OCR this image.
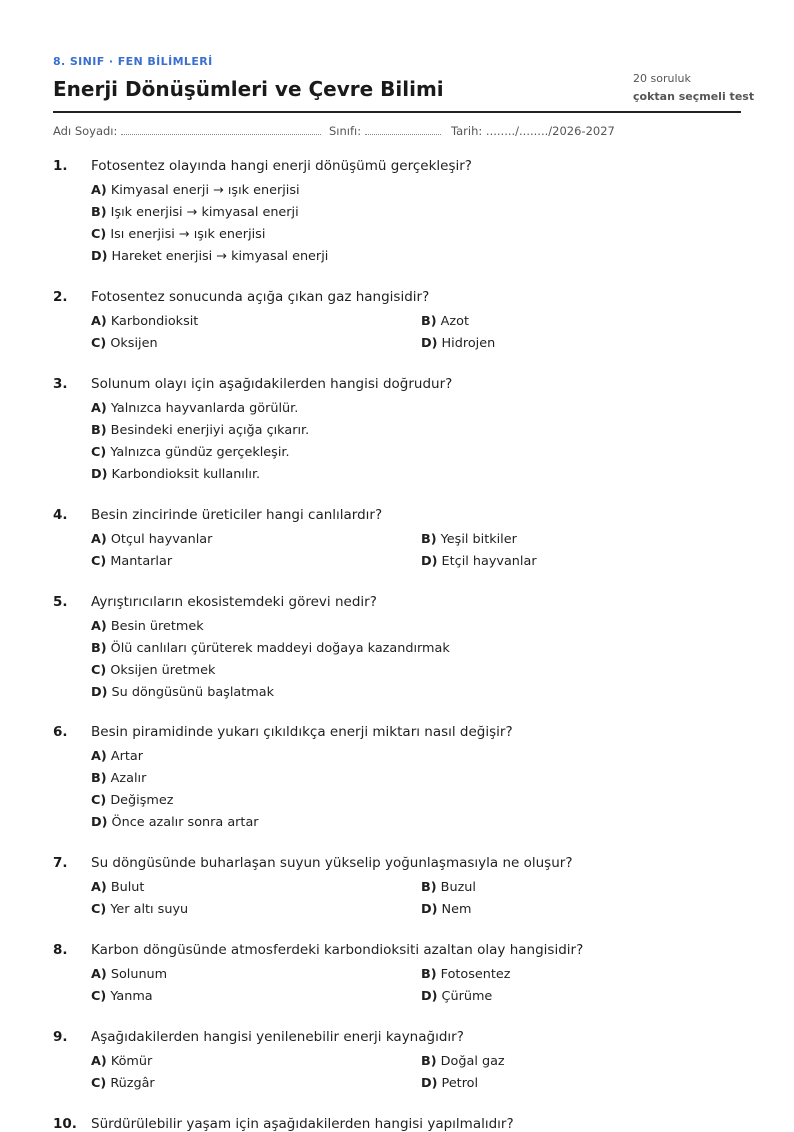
8. SINIF · FEN BİLİMLERİ
Enerji Dönüşümleri ve Çevre Bilimi	20 soruluk
çoktan seçmeli test
Adı Soyadı:	Sınıfı:	Tarih: ......../......../2026-2027
1. Fotosentez olayında hangi enerji dönüşümü gerçekleşir?
A) Kimyasal enerji → ışık enerjisi
B) Işık enerjisi → kimyasal enerji
C) Isı enerjisi → ışık enerjisi
D) Hareket enerjisi → kimyasal enerji
2. Fotosentez sonucunda açığa çıkan gaz hangisidir?
A) Karbondioksit	B) Azot
C) Oksijen	D) Hidrojen
3. Solunum olayı için aşağıdakilerden hangisi doğrudur?
A) Yalnızca hayvanlarda görülür.
B) Besindeki enerjiyi açığa çıkarır.
C) Yalnızca gündüz gerçekleşir.
D) Karbondioksit kullanılır.
4. Besin zincirinde üreticiler hangi canlılardır?
A) Otçul hayvanlar	B) Yeşil bitkiler
C) Mantarlar	D) Etçil hayvanlar
5. Ayrıştırıcıların ekosistemdeki görevi nedir?
A) Besin üretmek
B) Ölü canlıları çürüterek maddeyi doğaya kazandırmak
C) Oksijen üretmek
D) Su döngüsünü başlatmak
6. Besin piramidinde yukarı çıkıldıkça enerji miktarı nasıl değişir?
A) Artar
B) Azalır
C) Değişmez
D) Önce azalır sonra artar
7. Su döngüsünde buharlaşan suyun yükselip yoğunlaşmasıyla ne oluşur?
A) Bulut	B) Buzul
C) Yer altı suyu	D) Nem
8. Karbon döngüsünde atmosferdeki karbondioksiti azaltan olay hangisidir?
A) Solunum	B) Fotosentez
C) Yanma	D) Çürüme
9. Aşağıdakilerden hangisi yenilenebilir enerji kaynağıdır?
A) Kömür	B) Doğal gaz
C) Rüzgâr	D) Petrol
10. Sürdürülebilir yaşam için aşağıdakilerden hangisi yapılmalıdır?
